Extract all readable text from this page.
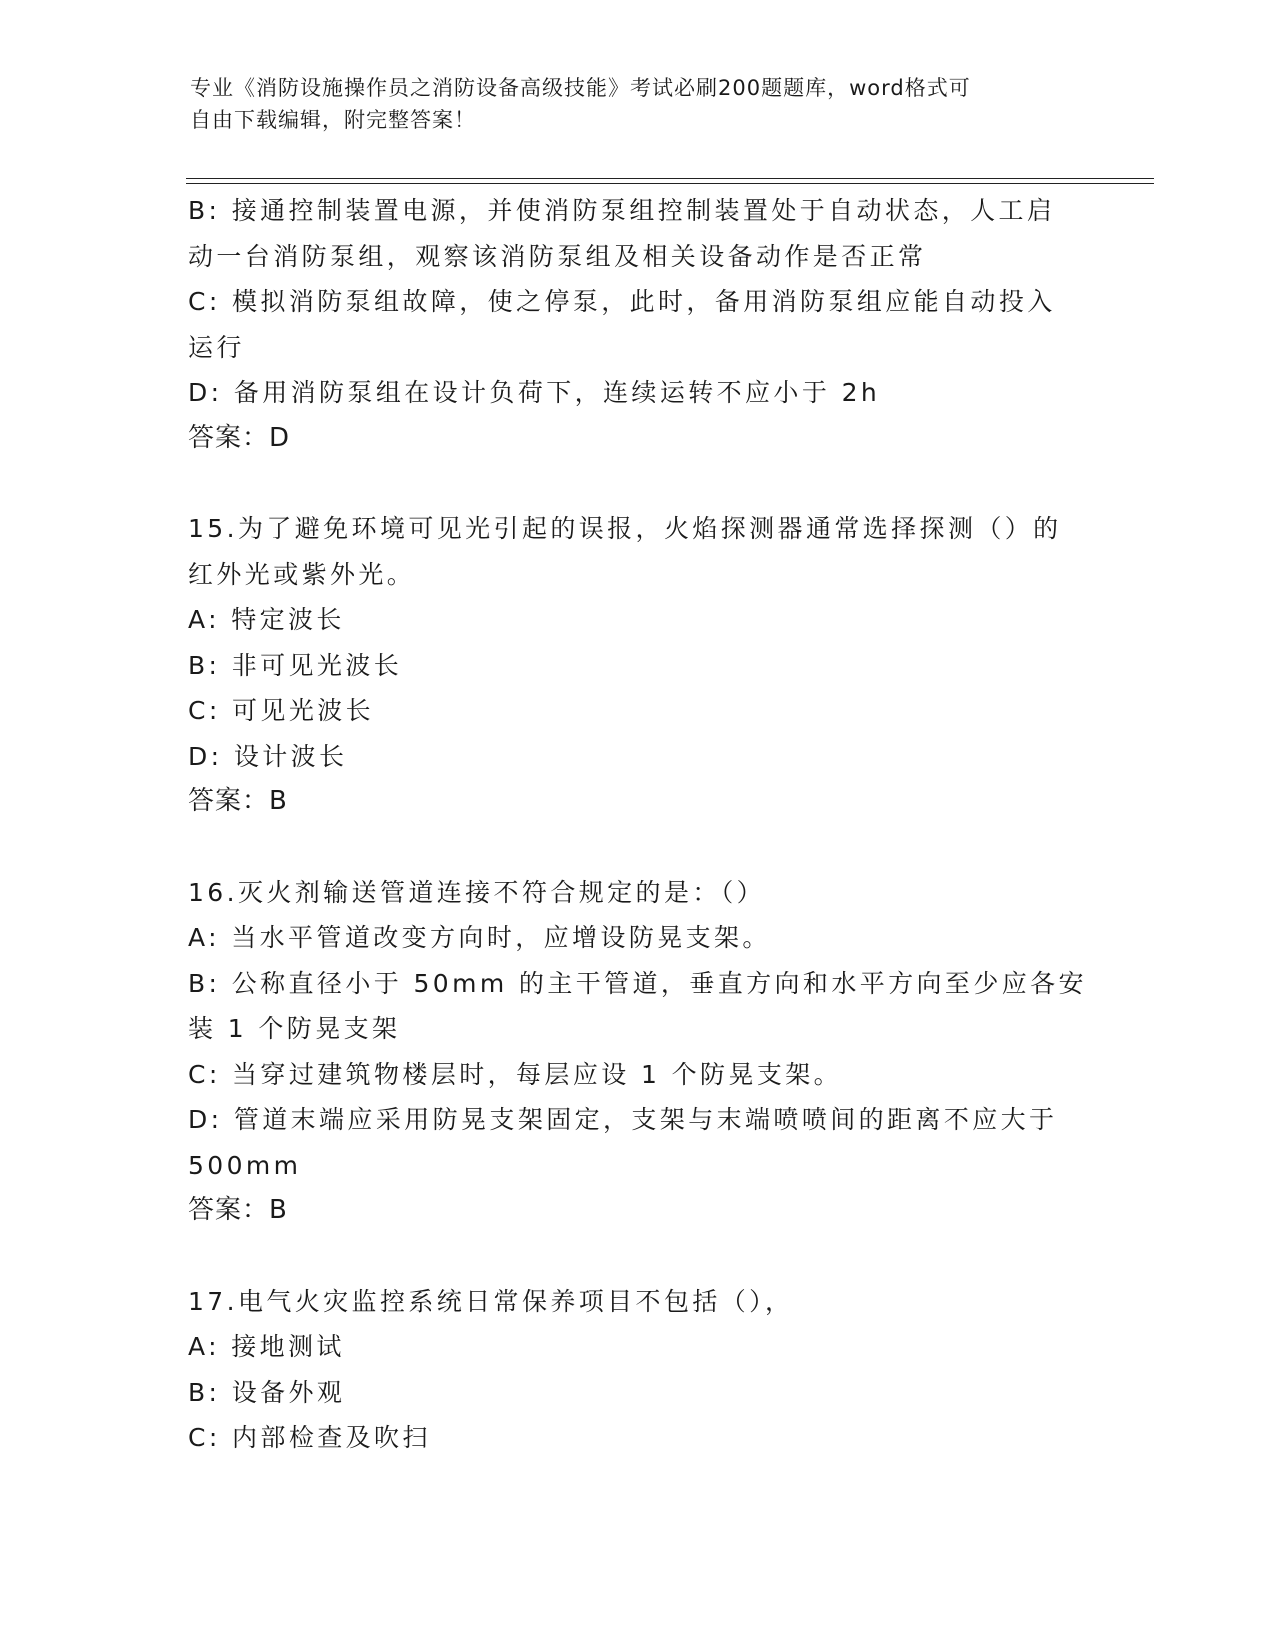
专业《消防设施操作员之消防设备高级技能》考试必刷200题题库，word格式可
自由下载编辑，附完整答案！
B: 接通控制装置电源，并使消防泵组控制装置处于自动状态，人工启
动一台消防泵组，观察该消防泵组及相关设备动作是否正常
C: 模拟消防泵组故障，使之停泵，此时，备用消防泵组应能自动投入
运行
D: 备用消防泵组在设计负荷下，连续运转不应小于 2h
答案：D
15.为了避免环境可见光引起的误报，火焰探测器通常选择探测（）的
红外光或紫外光。
A: 特定波长
B: 非可见光波长
C: 可见光波长
D: 设计波长
答案：B
16.灭火剂输送管道连接不符合规定的是：（）
A: 当水平管道改变方向时，应增设防晃支架。
B: 公称直径小于 50mm 的主干管道，垂直方向和水平方向至少应各安
装 1 个防晃支架
C: 当穿过建筑物楼层时，每层应设 1 个防晃支架。
D: 管道末端应采用防晃支架固定，支架与末端喷喷间的距离不应大于
500mm
答案：B
17.电气火灾监控系统日常保养项目不包括（），
A: 接地测试
B: 设备外观
C: 内部检查及吹扫
